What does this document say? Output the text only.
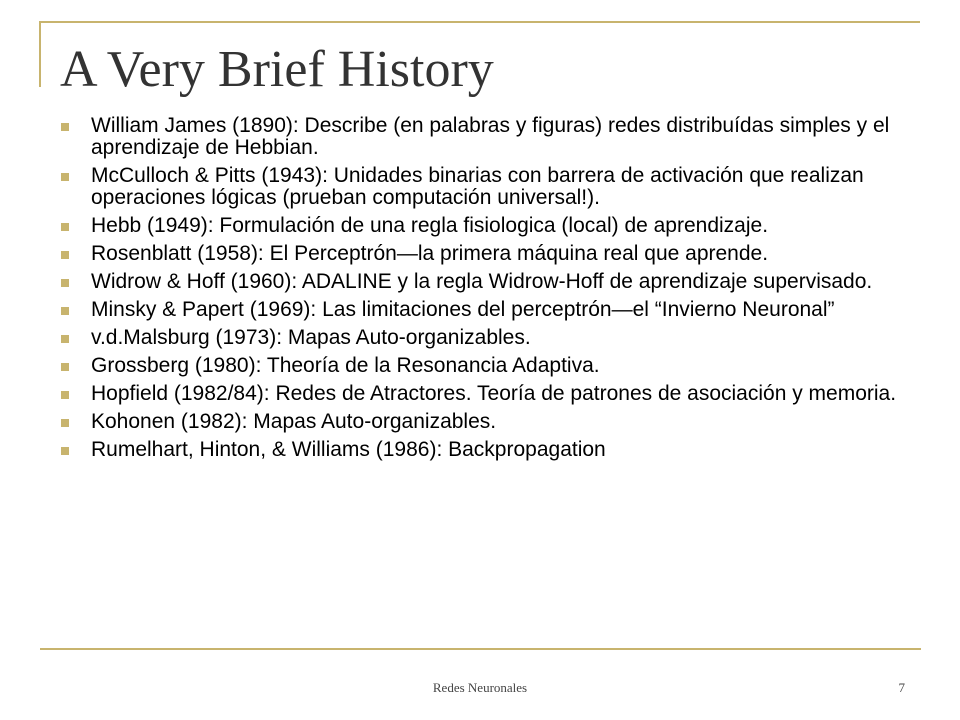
A Very Brief History
William James (1890): Describe (en palabras y figuras) redes distribuídas simples y el aprendizaje de Hebbian.
McCulloch & Pitts (1943): Unidades binarias con barrera de activación que realizan operaciones lógicas (prueban computación universal!).
Hebb (1949): Formulación de una regla fisiologica (local) de aprendizaje.
Rosenblatt (1958): El Perceptrón—la primera máquina real que aprende.
Widrow & Hoff (1960): ADALINE y la regla Widrow-Hoff de aprendizaje supervisado.
Minsky & Papert (1969): Las limitaciones del perceptrón—el “Invierno Neuronal”
v.d.Malsburg (1973): Mapas Auto-organizables.
Grossberg (1980): Theoría de la Resonancia Adaptiva.
Hopfield (1982/84): Redes de Atractores. Teoría de patrones de asociación y memoria.
Kohonen (1982): Mapas Auto-organizables.
Rumelhart, Hinton, & Williams (1986): Backpropagation
Redes Neuronales	7
